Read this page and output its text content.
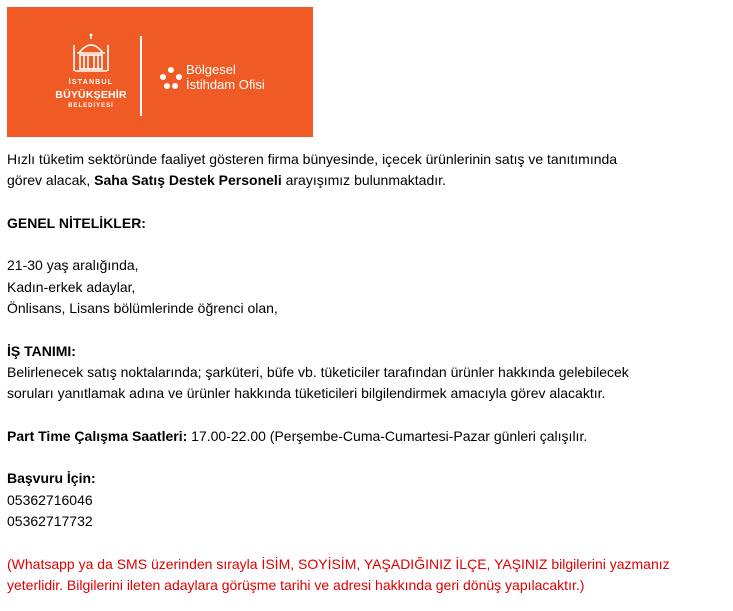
İSTANBUL
BÜYÜKŞEHİR
BELEDİYESİ
Bölgesel
İstihdam Ofisi

Hızlı tüketim sektöründe faaliyet gösteren firma bünyesinde, içecek ürünlerinin satış ve tanıtımında

görev alacak, Saha Satış Destek Personeli arayışımız bulunmaktadır.

GENEL NİTELİKLER:

21-30 yaş aralığında,

Kadın-erkek adaylar,

Önlisans, Lisans bölümlerinde öğrenci olan,

İŞ TANIMI:

Belirlenecek satış noktalarında; şarküteri, büfe vb. tüketiciler tarafından ürünler hakkında gelebilecek

soruları yanıtlamak adına ve ürünler hakkında tüketicileri bilgilendirmek amacıyla görev alacaktır.

Part Time Çalışma Saatleri: 17.00-22.00 (Perşembe-Cuma-Cumartesi-Pazar günleri çalışılır.

Başvuru İçin:

05362716046

05362717732

(Whatsapp ya da SMS üzerinden sırayla İSİM, SOYİSİM, YAŞADIĞINIZ İLÇE, YAŞINIZ bilgilerini yazmanız

yeterlidir. Bilgilerini ileten adaylara görüşme tarihi ve adresi hakkında geri dönüş yapılacaktır.)
